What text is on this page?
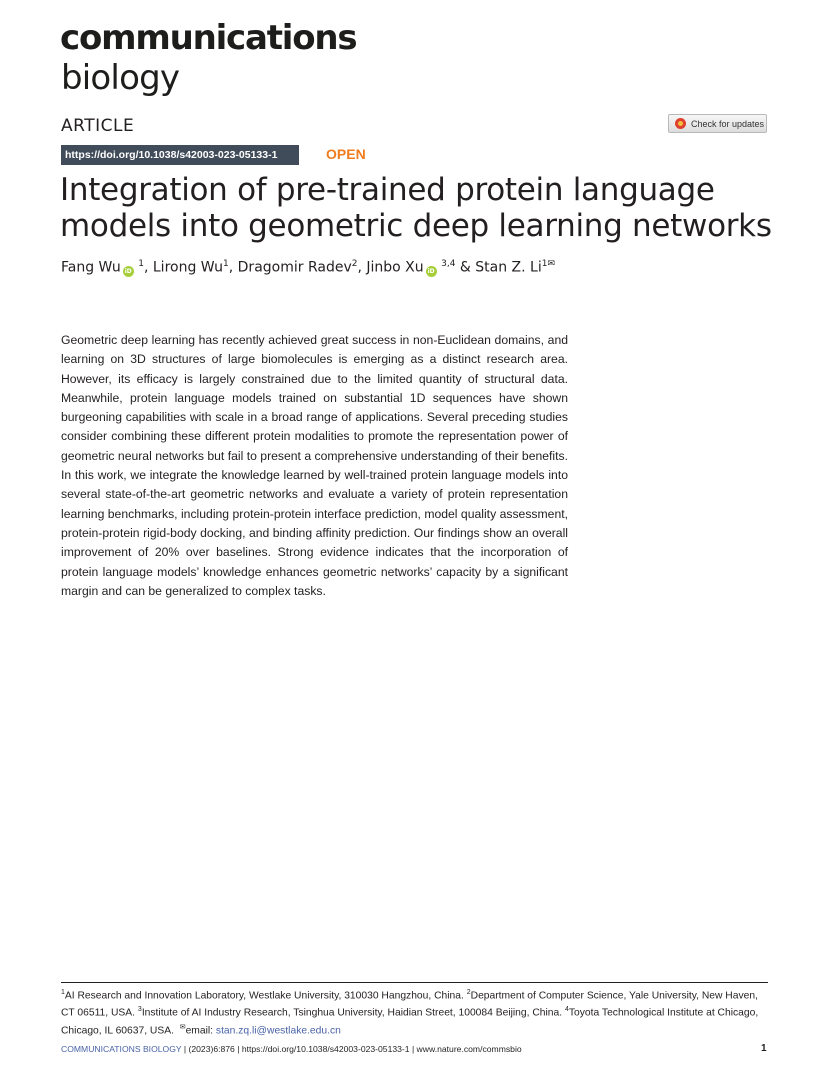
communications
biology
ARTICLE	Check for updates
https://doi.org/10.1038/s42003-023-05133-1	OPEN
Integration of pre-trained protein language models into geometric deep learning networks
Fang Wu iD $^1$, Lirong Wu$^1$, Dragomir Radev$^2$, Jinbo Xu iD $^{3,4}$ & Stan Z. $Li^{1✉}$

Geometric deep learning has recently achieved great success in non-Euclidean domains, and learning on 3D structures of large biomolecules is emerging as a distinct research area. However, its efficacy is largely constrained due to the limited quantity of structural data. Meanwhile, protein language models trained on substantial 1D sequences have shown burgeoning capabilities with scale in a broad range of applications. Several preceding studies consider combining these different protein modalities to promote the representation power of geometric neural networks but fail to present a comprehensive understanding of their benefits. In this work, we integrate the knowledge learned by well-trained protein language models into several state-of-the-art geometric networks and evaluate a variety of protein representation learning benchmarks, including protein-protein interface prediction, model quality assessment, protein-protein rigid-body docking, and binding affinity prediction. Our findings show an overall improvement of 20% over baselines. Strong evidence indicates that the incorporation of protein language models’ knowledge enhances geometric networks’ capacity by a significant margin and can be generalized to complex tasks.

$^1$AI Research and Innovation Laboratory, Westlake University, 310030 Hangzhou, China. $^2$Department of Computer Science, Yale University, New Haven, CT 06511, USA. $^3$Institute of AI Industry Research, Tsinghua University, Haidian Street, 100084 Beijing, China. $^4$Toyota Technological Institute at Chicago, Chicago, IL 60637, USA. ✉email: stan.zq.li@westlake.edu.cn
COMMUNICATIONS BIOLOGY | (2023)6:876 | https://doi.org/10.1038/s42003-023-05133-1 | www.nature.com/commsbio	1
